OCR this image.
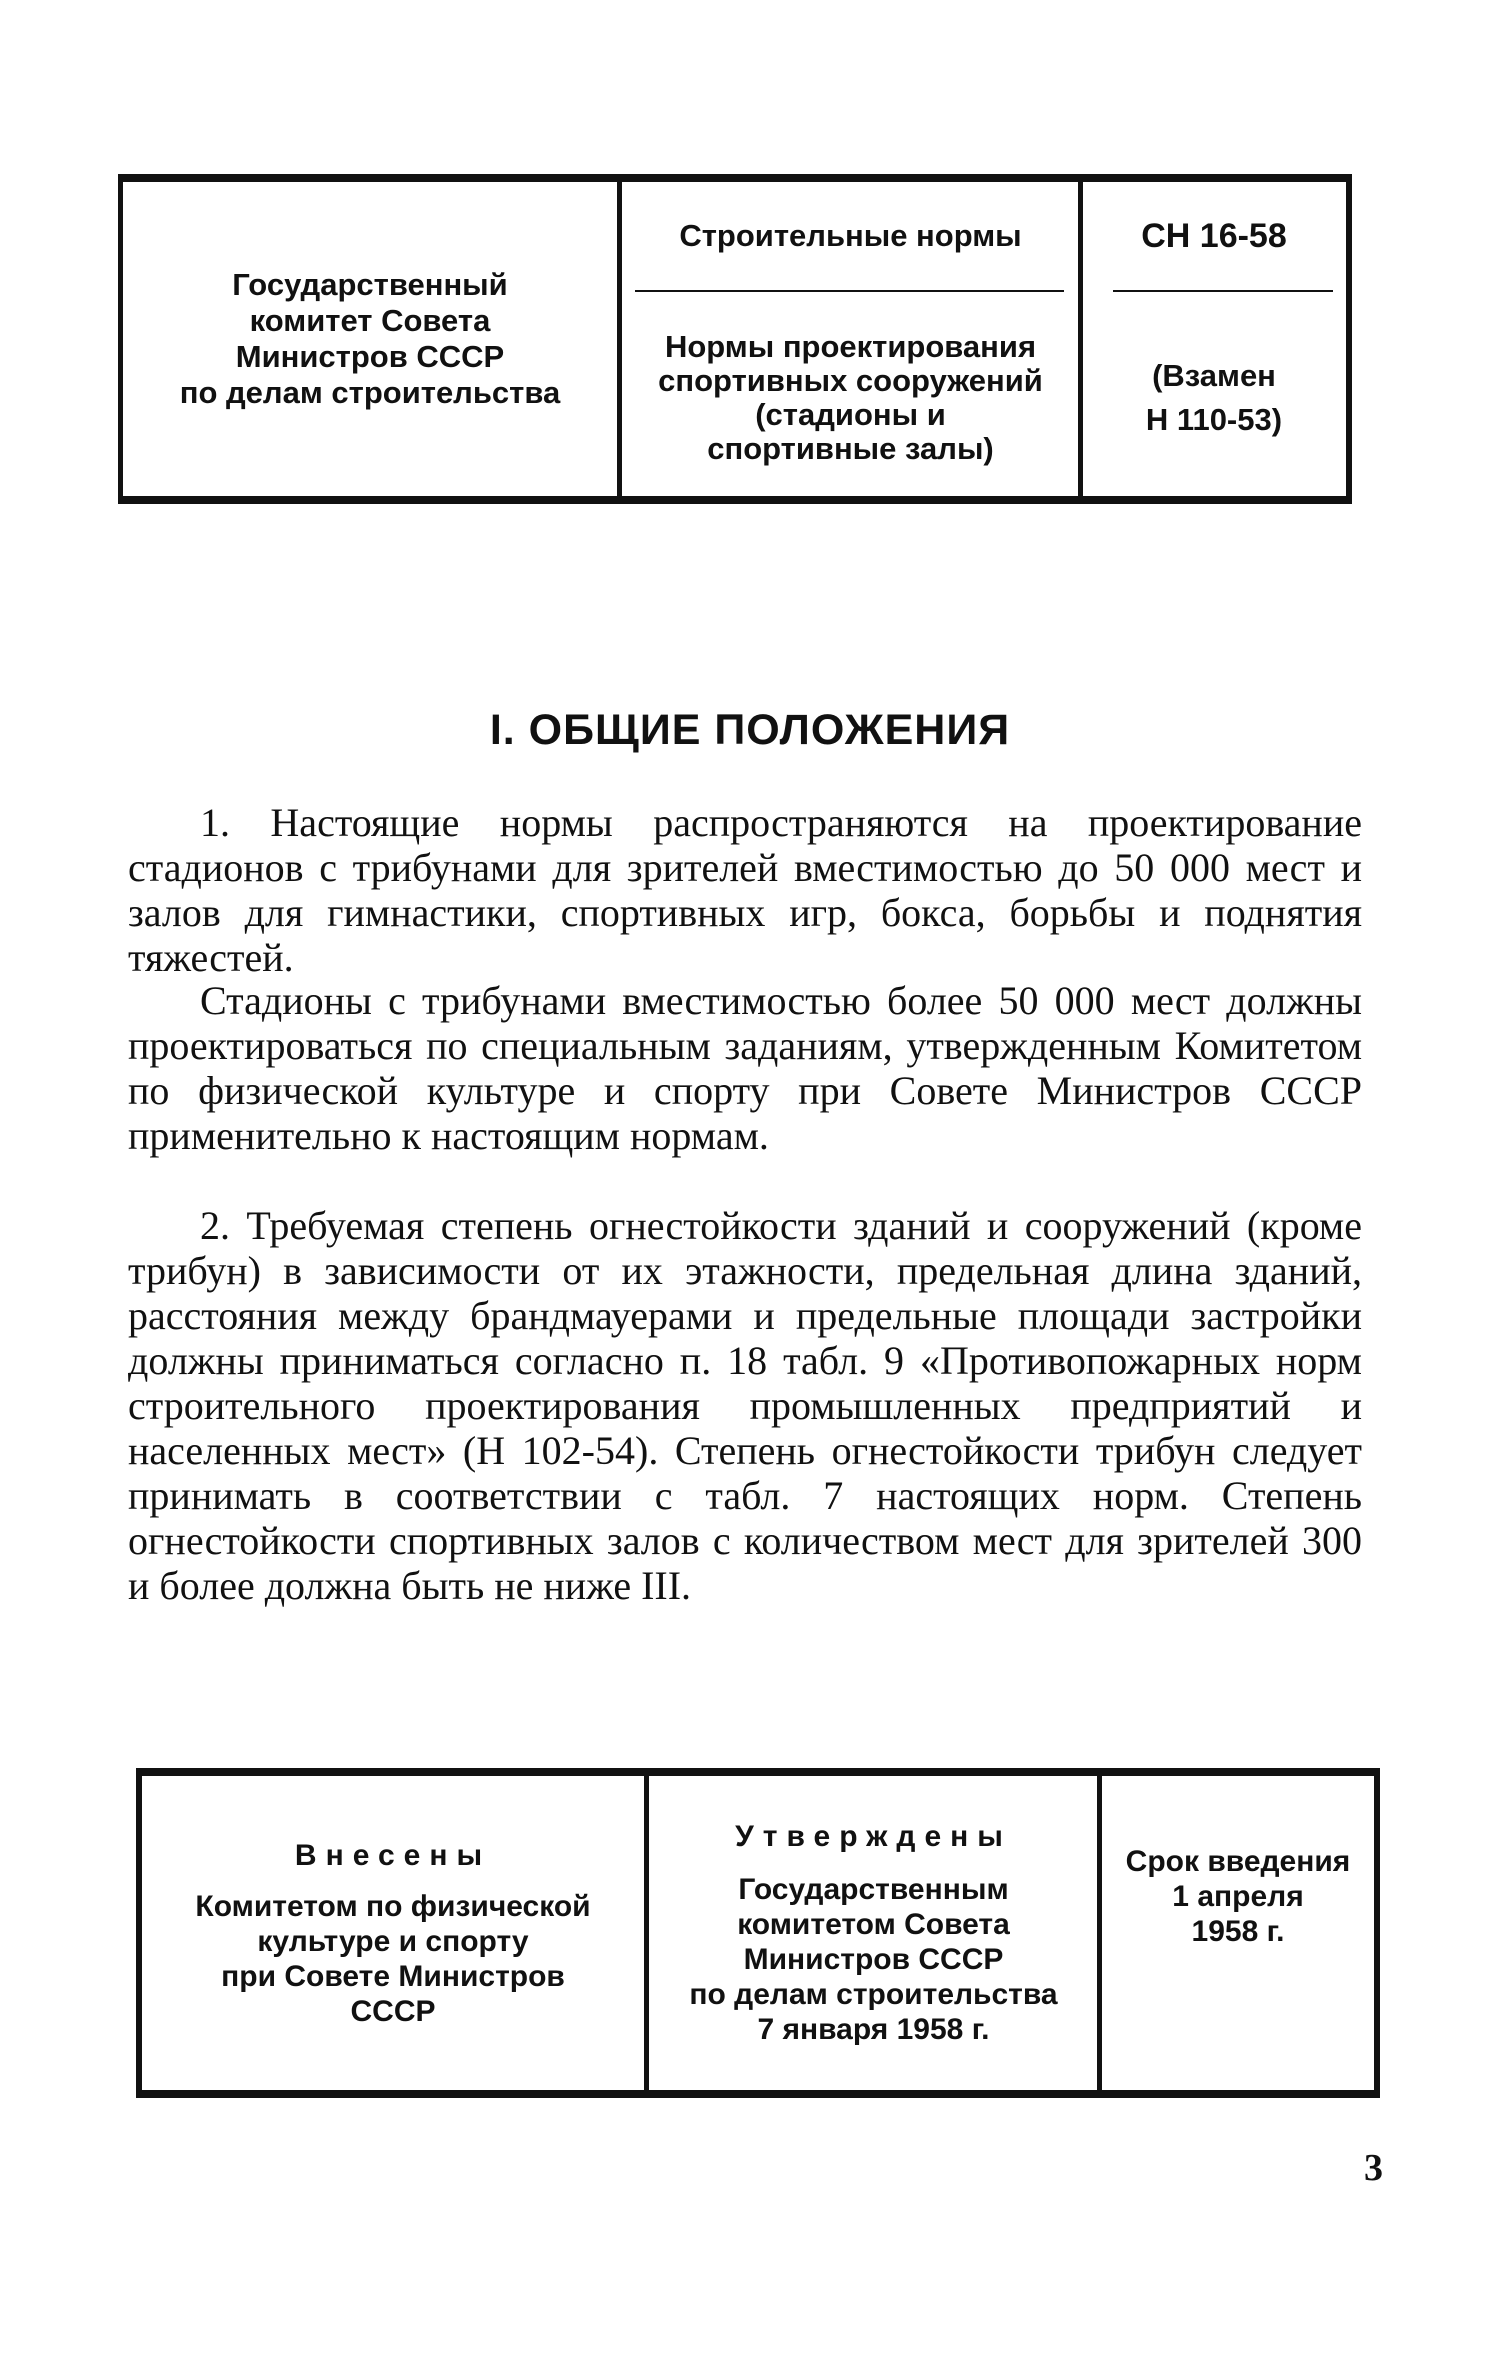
Государственный
комитет Совета
Министров СССР
по делам строительства
Строительные нормы
Нормы проектирования
спортивных сооружений
(стадионы и
спортивные залы)
СН 16-58
(Взамен
Н 110-53)
I. ОБЩИЕ ПОЛОЖЕНИЯ

1. Настоящие нормы распространяются на проектирование стадионов с трибунами для зрителей вместимостью до 50 000 мест и залов для гимнастики, спортивных игр, бокса, борьбы и поднятия тяжестей.

Стадионы с трибунами вместимостью более 50 000 мест должны проектироваться по специальным заданиям, утвержденным Комитетом по физической культуре и спорту при Совете Министров СССР применительно к настоящим нормам.

2. Требуемая степень огнестойкости зданий и сооружений (кроме трибун) в зависимости от их этажности, предельная длина зданий, расстояния между брандмауерами и предельные площади застройки должны приниматься согласно п. 18 табл. 9 «Противопожарных норм строительного проектирования промышленных предприятий и населенных мест» (Н 102-54). Степень огнестойкости трибун следует принимать в соответствии с табл. 7 настоящих норм. Степень огнестойкости спортивных залов с количеством мест для зрителей 300 и более должна быть не ниже III.

Внесены
Комитетом по физической
культуре и спорту
при Совете Министров
СССР
Утверждены
Государственным
комитетом Совета
Министров СССР
по делам строительства
7 января 1958 г.
Срок введения
1 апреля
1958 г.
3
